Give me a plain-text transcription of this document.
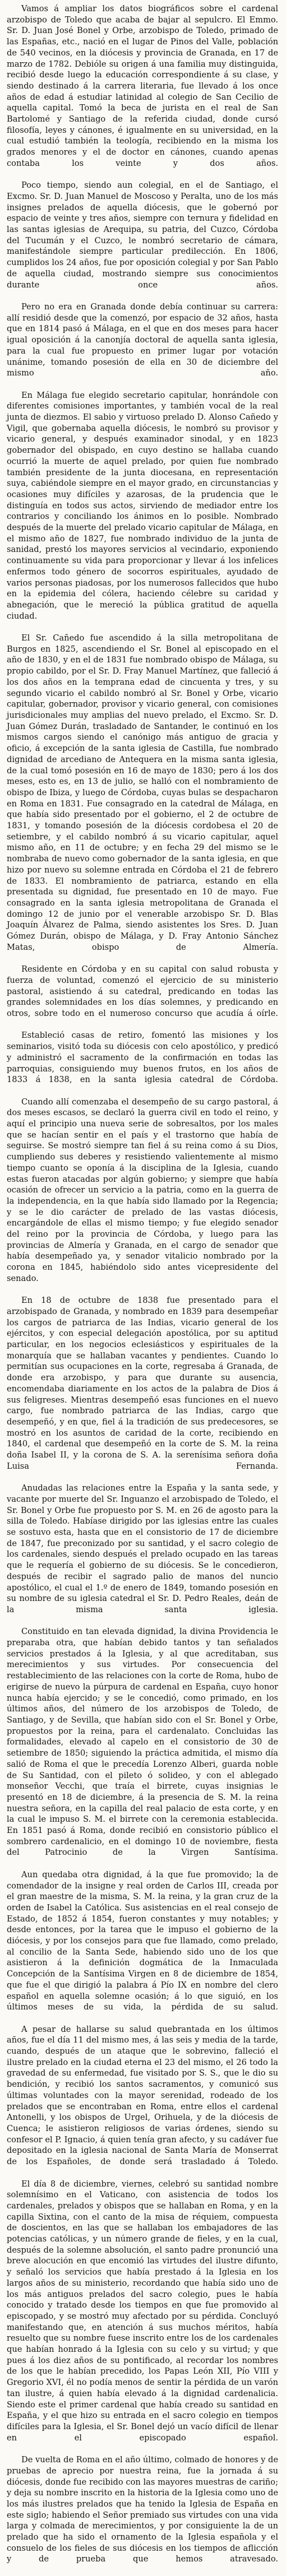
Vamos á ampliar los datos biográficos sobre el cardenal arzobispo de Toledo que acaba de bajar al sepulcro. El Emmo. Sr. D. Juan José Bonel y Orbe, arzobispo de Toledo, primado de las Españas, etc., nació en el lugar de Pinos del Valle, población de 540 vecinos, en la diócesis y provincia de Granada, en 17 de marzo de 1782. Debióle su origen á una familia muy distinguida, recibió desde luego la educación correspondiente á su clase, y siendo destinado á la carrera literaria, fue llevado á los once años de edad á estudiar latinidad al colegio de San Cecilio de aquella capital. Tomó la beca de jurista en el real de San Bartolomé y Santiago de la referida ciudad, donde cursó filosofía, leyes y cánones, é igualmente en su universidad, en la cual estudió también la teología, recibiendo en la misma los grados menores y el de doctor en cánones, cuando apenas contaba los veinte y dos años.

Poco tiempo, siendo aun colegial, en el de Santiago, el Excmo. Sr. D. Juan Manuel de Moscoso y Peralta, uno de los más insignes prelados de aquella diócesis, que le gobernó por espacio de veinte y tres años, siempre con ternura y fidelidad en las santas iglesias de Arequipa, su patria, del Cuzco, Córdoba del Tucumán y el Cuzco, le nombró secretario de cámara, manifestándole siempre particular predilección. En 1806, cumplidos los 24 años, fue por oposición colegial y por San Pablo de aquella ciudad, mostrando siempre sus conocimientos durante once años.

Pero no era en Granada donde debía continuar su carrera: allí residió desde que la comenzó, por espacio de 32 años, hasta que en 1814 pasó á Málaga, en el que en dos meses para hacer igual oposición á la canonjía doctoral de aquella santa iglesia, para la cual fue propuesto en primer lugar por votación unánime, tomando posesión de ella en 30 de diciembre del mismo año.

En Málaga fue elegido secretario capitular, honrándole con diferentes comisiones importantes, y también vocal de la real junta de diezmos. El sabio y virtuoso prelado D. Alonso Cañedo y Vigil, que gobernaba aquella diócesis, le nombró su provisor y vicario general, y después examinador sinodal, y en 1823 gobernador del obispado, en cuyo destino se hallaba cuando ocurrió la muerte de aquel prelado, por quien fue nombrado también presidente de la junta diocesana, en representación suya, cabiéndole siempre en el mayor grado, en circunstancias y ocasiones muy difíciles y azarosas, de la prudencia que le distinguía en todos sus actos, sirviendo de mediador entre los contrarios y conciliando los ánimos en lo posible. Nombrado después de la muerte del prelado vicario capitular de Málaga, en el mismo año de 1827, fue nombrado individuo de la junta de sanidad, prestó los mayores servicios al vecindario, exponiendo continuamente su vida para proporcionar y llevar á los infelices enfermos todo género de socorros espirituales, ayudado de varios personas piadosas, por los numerosos fallecidos que hubo en la epidemia del cólera, haciendo célebre su caridad y abnegación, que le mereció la pública gratitud de aquella ciudad.

El Sr. Cañedo fue ascendido á la silla metropolitana de Burgos en 1825, ascendiendo el Sr. Bonel al episcopado en el año de 1830, y en el de 1831 fue nombrado obispo de Málaga, su propio cabildo, por el Sr. D. Fray Manuel Martínez, que falleció á los dos años en la temprana edad de cincuenta y tres, y su segundo vicario el cabildo nombró al Sr. Bonel y Orbe, vicario capitular, gobernador, provisor y vicario general, con comisiones jurisdicionales muy amplias del nuevo prelado, el Excmo. Sr. D. Juan Gómez Durán, trasladado de Santander, le continuó en los mismos cargos siendo el canónigo más antiguo de gracia y oficio, á excepción de la santa iglesia de Castilla, fue nombrado dignidad de arcediano de Antequera en la misma santa iglesia, de la cual tomó posesión en 16 de mayo de 1830; pero á los dos meses, esto es, en 13 de julio, se halló con el nombramiento de obispo de Ibiza, y luego de Córdoba, cuyas bulas se despacharon en Roma en 1831. Fue consagrado en la catedral de Málaga, en que había sido presentado por el gobierno, el 2 de octubre de 1831, y tomando posesión de la diócesis cordobesa el 20 de setiembre, y el cabildo nombró á su vicario capitular, aquel mismo año, en 11 de octubre; y en fecha 29 del mismo se le nombraba de nuevo como gobernador de la santa iglesia, en que hizo por nuevo su solemne entrada en Córdoba el 21 de febrero de 1833. El nombramiento de patriarca, estando en ella presentada su dignidad, fue presentado en 10 de mayo. Fue consagrado en la santa iglesia metropolitana de Granada el domingo 12 de junio por el venerable arzobispo Sr. D. Blas Joaquín Álvarez de Palma, siendo asistentes los Sres. D. Juan Gómez Durán, obispo de Málaga, y D. Fray Antonio Sánchez Matas, obispo de Almería.

Residente en Córdoba y en su capital con salud robusta y fuerza de voluntad, comenzó el ejercicio de su ministerio pastoral, asistiendo á su catedral, predicando en todas las grandes solemnidades en los días solemnes, y predicando en otros, sobre todo en el numeroso concurso que acudía á oírle.

Estableció casas de retiro, fomentó las misiones y los seminarios, visitó toda su diócesis con celo apostólico, y predicó y administró el sacramento de la confirmación en todas las parroquias, consiguiendo muy buenos frutos, en los años de 1833 á 1838, en la santa iglesia catedral de Córdoba.

Cuando allí comenzaba el desempeño de su cargo pastoral, á dos meses escasos, se declaró la guerra civil en todo el reino, y aquí el principio una nueva serie de sobresaltos, por los males que se hacían sentir en el país y el trastorno que había de seguirse. Se mostró siempre tan fiel á su reina como á su Dios, cumpliendo sus deberes y resistiendo valientemente al mismo tiempo cuanto se oponía á la disciplina de la Iglesia, cuando estas fueron atacadas por algún gobierno; y siempre que había ocasión de ofrecer un servicio a la patria, como en la guerra de la independencia, en la que había sido llamado por la Regencia; y se le dio carácter de prelado de las vastas diócesis, encargándole de ellas el mismo tiempo; y fue elegido senador del reino por la provincia de Córdoba, y luego para las provincias de Almería y Granada, en el cargo de senador que había desempeñado ya, y senador vitalicio nombrado por la corona en 1845, habiéndolo sido antes vicepresidente del senado.

En 18 de octubre de 1838 fue presentado para el arzobispado de Granada, y nombrado en 1839 para desempeñar los cargos de patriarca de las Indias, vicario general de los ejércitos, y con especial delegación apostólica, por su aptitud particular, en los negocios eclesiásticos y espirituales de la monarquía que se hallaban vacantes y pendientes. Cuando lo permitían sus ocupaciones en la corte, regresaba á Granada, de donde era arzobispo, y para que durante su ausencia, encomendaba diariamente en los actos de la palabra de Dios á sus feligreses. Mientras desempeñó esas funciones en el nuevo cargo, fue nombrado patriarca de las Indias, cargo que desempeñó, y en que, fiel á la tradición de sus predecesores, se mostró en los asuntos de caridad de la corte, recibiendo en 1840, el cardenal que desempeñó en la corte de S. M. la reina doña Isabel II, y la corona de S. A. la serenísima señora doña Luisa Fernanda.

Anudadas las relaciones entre la España y la santa sede, y vacante por muerte del Sr. Inguanzo el arzobispado de Toledo, el Sr. Bonel y Orbe fue propuesto por S. M. en 26 de agosto para la silla de Toledo. Habíase dirigido por las iglesias entre las cuales se sostuvo esta, hasta que en el consistorio de 17 de diciembre de 1847, fue preconizado por su santidad, y el sacro colegio de los cardenales, siendo después el prelado ocupado en las tareas que le requería el gobierno de su diócesis. Se le concedieron, después de recibir el sagrado palio de manos del nuncio apostólico, el cual el 1.º de enero de 1849, tomando posesión en su nombre de su iglesia catedral el Sr. D. Pedro Reales, deán de la misma santa iglesia.

Constituido en tan elevada dignidad, la divina Providencia le preparaba otra, que habían debido tantos y tan señalados servicios prestados á la Iglesia, y al que acreditaban, sus merecimientos y sus virtudes. Por consecuencia del restablecimiento de las relaciones con la corte de Roma, hubo de erigirse de nuevo la púrpura de cardenal en España, cuyo honor nunca había ejercido; y se le concedió, como primado, en los últimos años, del número de los arzobispos de Toledo, de Santiago, y de Sevilla, que habían sido con el Sr. Bonel y Orbe, propuestos por la reina, para el cardenalato. Concluidas las formalidades, elevado al capelo en el consistorio de 30 de setiembre de 1850; siguiendo la práctica admitida, el mismo día salió de Roma el que le precedía Lorenzo Alberi, guarda noble de Su Santidad, con el pileto ó solideo, y con el ablegado monseñor Vecchi, que traía el birrete, cuyas insignias le presentó en 18 de diciembre, á la presencia de S. M. la reina nuestra señora, en la capilla del real palacio de esta corte, y en la cual le impuso S. M. el birrete con la ceremonia establecida. En 1851 pasó á Roma, donde recibió en consistorio público el sombrero cardenalicio, en el domingo 10 de noviembre, fiesta del Patrocinio de la Virgen Santísima.

Aun quedaba otra dignidad, á la que fue promovido; la de comendador de la insigne y real orden de Carlos III, creada por el gran maestre de la misma, S. M. la reina, y la gran cruz de la orden de Isabel la Católica. Sus asistencias en el real consejo de Estado, de 1852 á 1854, fueron constantes y muy notables; y desde entonces, por la tarea que le impuso el gobierno de la diócesis, y por los consejos para que fue llamado, como prelado, al concilio de la Santa Sede, habiendo sido uno de los que asistieron á la definición dogmática de la Inmaculada Concepción de la Santísima Virgen en 8 de diciembre de 1854, que fue el que dirigió la palabra á Pío IX en nombre del clero español en aquella solemne ocasión; á lo que siguió, en los últimos meses de su vida, la pérdida de su salud.

A pesar de hallarse su salud quebrantada en los últimos años, fue el día 11 del mismo mes, á las seis y media de la tarde, cuando, después de un ataque que le sobrevino, falleció el ilustre prelado en la ciudad eterna el 23 del mismo, el 26 todo la gravedad de su enfermedad, fue visitado por S. S., que le dio su bendición, y recibió los santos sacramentos, y comunicó sus últimas voluntades con la mayor serenidad, rodeado de los prelados que se encontraban en Roma, entre ellos el cardenal Antonelli, y los obispos de Urgel, Orihuela, y de la diócesis de Cuenca; le asistieron religiosos de varias órdenes, siendo su confesor el P. Ignacio, á quien tenía gran afecto, y su cadáver fue depositado en la iglesia nacional de Santa María de Monserrat de los Españoles, de donde será trasladado á Toledo.

El día 8 de diciembre, viernes, celebró su santidad nombre solemnísimo en el Vaticano, con asistencia de todos los cardenales, prelados y obispos que se hallaban en Roma, y en la capilla Sixtina, con el canto de la misa de réquiem, compuesta de doscientos, en las que se hallaban los embajadores de las potencias católicas, y un número grande de fieles, y en la cual, después de la solemne absolución, el santo padre pronunció una breve alocución en que encomió las virtudes del ilustre difunto, y señaló los servicios que había prestado á la Iglesia en los largos años de su ministerio, recordando que había sido uno de los más antiguos prelados del sacro colegio, pues le había conocido y tratado desde los tiempos en que fue promovido al episcopado, y se mostró muy afectado por su pérdida. Concluyó manifestando que, en atención á sus muchos méritos, había resuelto que su nombre fuese inscrito entre los de los cardenales que habían honrado á la Iglesia con su celo y su virtud; y que pues á los diez años de su pontificado, al recordar los nombres de los que le habían precedido, los Papas León XII, Pío VIII y Gregorio XVI, él no podía menos de sentir la pérdida de un varón tan ilustre, á quien había elevado á la dignidad cardenalicia. Siendo este el primer cardenal que había creado su santidad en España, y el que hizo su entrada en el sacro colegio en tiempos difíciles para la Iglesia, el Sr. Bonel dejó un vacío difícil de llenar en el episcopado español.

De vuelta de Roma en el año último, colmado de honores y de pruebas de aprecio por nuestra reina, fue la jornada á su diócesis, donde fue recibido con las mayores muestras de cariño; y deja su nombre inscrito en la historia de la Iglesia como uno de los más ilustres prelados que ha tenido la Iglesia de España en este siglo; habiendo el Señor premiado sus virtudes con una vida larga y colmada de merecimientos, y por consiguiente la de un prelado que ha sido el ornamento de la Iglesia española y el consuelo de los fieles de sus diócesis en los tiempos de aflicción y de prueba que hemos atravesado.
